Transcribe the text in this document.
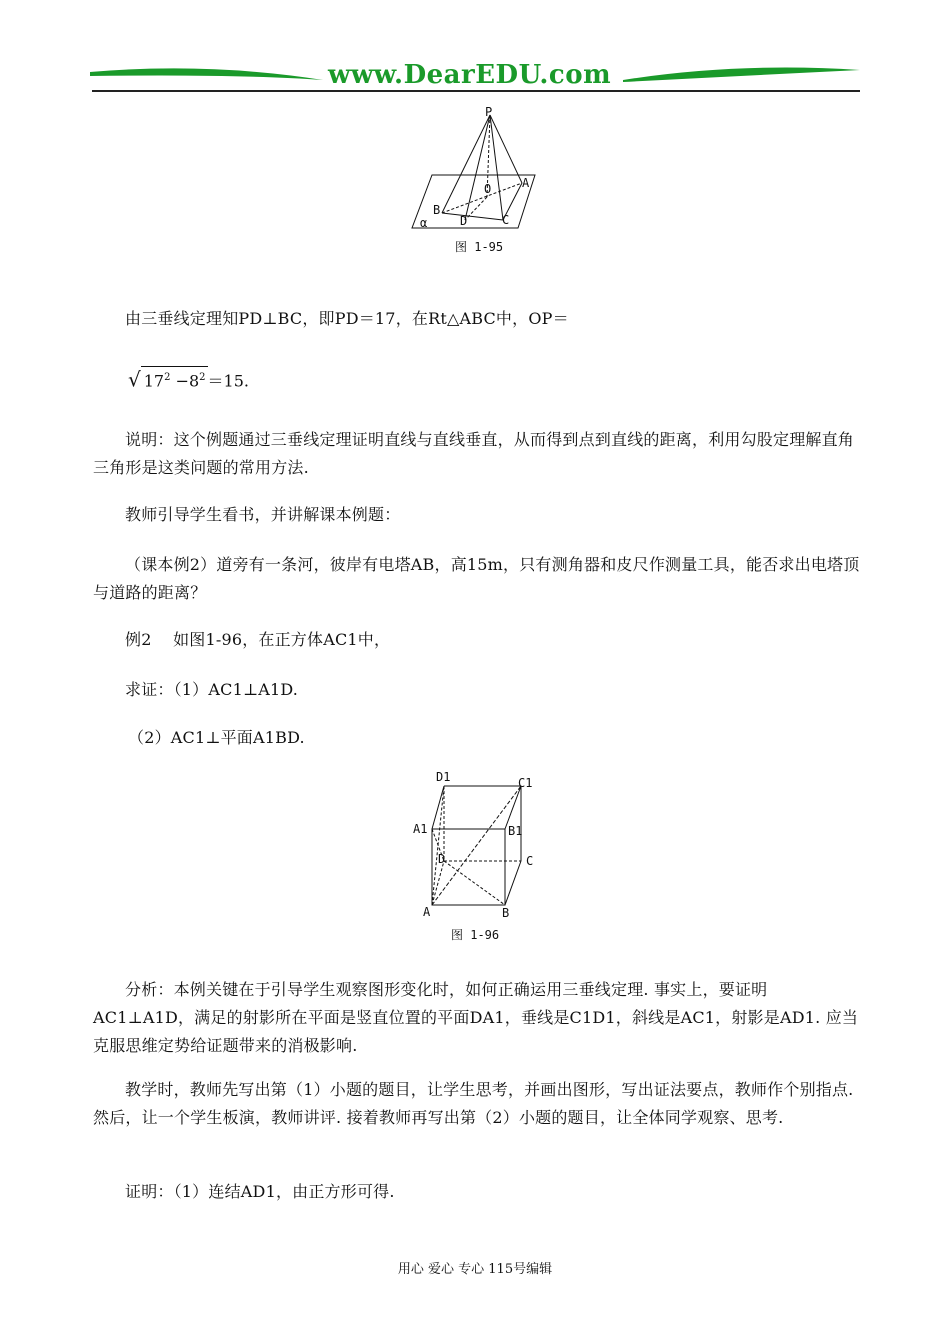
www.DearEDU.com
P
A
B
C
D
O
α
图 1-95
由三垂线定理知PD⊥BC，即PD＝17，在Rt△ABC中，OP＝
√ $17^2 -8^2 =15$.
说明：这个例题通过三垂线定理证明直线与直线垂直，从而得到点到直线的距离，利用勾股定理解直角三角形是这类问题的常用方法.
教师引导学生看书，并讲解课本例题：
（课本例2）道旁有一条河，彼岸有电塔AB，高15m，只有测角器和皮尺作测量工具，能否求出电塔顶与道路的距离？
例2　 如图1-96，在正方体AC1中，
求证：（1）AC1⊥A1D.
（2）AC1⊥平面A1BD.
D1	C1
A1	B1
D	C
A	B
图 1-96
分析：本例关键在于引导学生观察图形变化时，如何正确运用三垂线定理. 事实上，要证明AC1⊥A1D，满足的射影所在平面是竖直位置的平面DA1，垂线是C1D1，斜线是AC1，射影是AD1. 应当克服思维定势给证题带来的消极影响.
教学时，教师先写出第（1）小题的题目，让学生思考，并画出图形，写出证法要点，教师作个别指点. 然后，让一个学生板演，教师讲评. 接着教师再写出第（2）小题的题目，让全体同学观察、思考.
证明：（1）连结AD1，由正方形可得.
用心 爱心 专心 115号编辑
